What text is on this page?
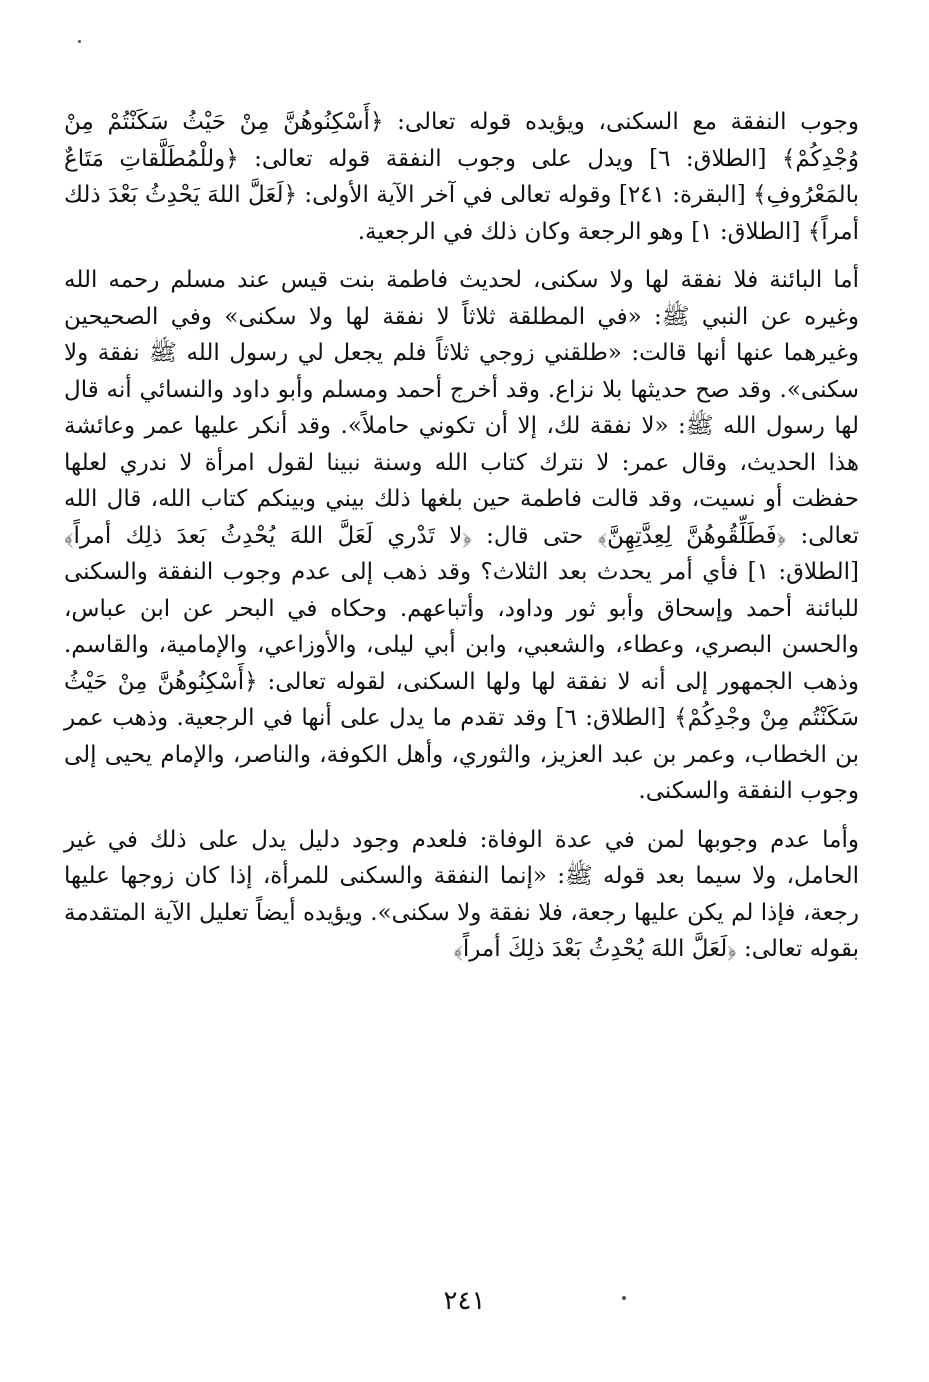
وجوب النفقة مع السكنى، ويؤيده قوله تعالى: ﴿أَسْكِنُوهُنَّ مِنْ حَيْثُ سَكَنْتُمْ مِنْ وُجْدِكُمْ﴾ [الطلاق: ٦] ويدل على وجوب النفقة قوله تعالى: ﴿وللْمُطَلَّقاتِ مَتَاعٌ بالمَعْرُوفِ﴾ [البقرة: ٢٤١] وقوله تعالى في آخر الآية الأولى: ﴿لَعَلَّ اللهَ يَحْدِثُ بَعْدَ ذلك أمراً﴾ [الطلاق: ١] وهو الرجعة وكان ذلك في الرجعية.

أما البائنة فلا نفقة لها ولا سكنى، لحديث فاطمة بنت قيس عند مسلم رحمه الله وغيره عن النبي ﷺ: «في المطلقة ثلاثاً لا نفقة لها ولا سكنى» وفي الصحيحين وغيرهما عنها أنها قالت: «طلقني زوجي ثلاثاً فلم يجعل لي رسول الله ﷺ نفقة ولا سكنى». وقد صح حديثها بلا نزاع. وقد أخرج أحمد ومسلم وأبو داود والنسائي أنه قال لها رسول الله ﷺ: «لا نفقة لك، إلا أن تكوني حاملاً». وقد أنكر عليها عمر وعائشة هذا الحديث، وقال عمر: لا نترك كتاب الله وسنة نبينا لقول امرأة لا ندري لعلها حفظت أو نسيت، وقد قالت فاطمة حين بلغها ذلك بيني وبينكم كتاب الله، قال الله تعالى: ﴿فَطَلِّقُوهُنَّ لِعِدَّتِهِنَّ﴾ حتى قال: ﴿لا تَدْري لَعَلَّ اللهَ يُحْدِثُ بَعدَ ذلِك أمراً﴾ [الطلاق: ١] فأي أمر يحدث بعد الثلاث؟ وقد ذهب إلى عدم وجوب النفقة والسكنى للبائنة أحمد وإسحاق وأبو ثور وداود، وأتباعهم. وحكاه في البحر عن ابن عباس، والحسن البصري، وعطاء، والشعبي، وابن أبي ليلى، والأوزاعي، والإمامية، والقاسم. وذهب الجمهور إلى أنه لا نفقة لها ولها السكنى، لقوله تعالى: ﴿أَسْكِنُوهُنَّ مِنْ حَيْثُ سَكَنْتُم مِنْ وجْدِكُمْ﴾ [الطلاق: ٦] وقد تقدم ما يدل على أنها في الرجعية. وذهب عمر بن الخطاب، وعمر بن عبد العزيز، والثوري، وأهل الكوفة، والناصر، والإمام يحيى إلى وجوب النفقة والسكنى.

وأما عدم وجوبها لمن في عدة الوفاة: فلعدم وجود دليل يدل على ذلك في غير الحامل، ولا سيما بعد قوله ﷺ: «إنما النفقة والسكنى للمرأة، إذا كان زوجها عليها رجعة، فإذا لم يكن عليها رجعة، فلا نفقة ولا سكنى». ويؤيده أيضاً تعليل الآية المتقدمة بقوله تعالى: ﴿لَعَلَّ اللهَ يُحْدِثُ بَعْدَ ذلِكَ أمراً﴾

٢٤١
